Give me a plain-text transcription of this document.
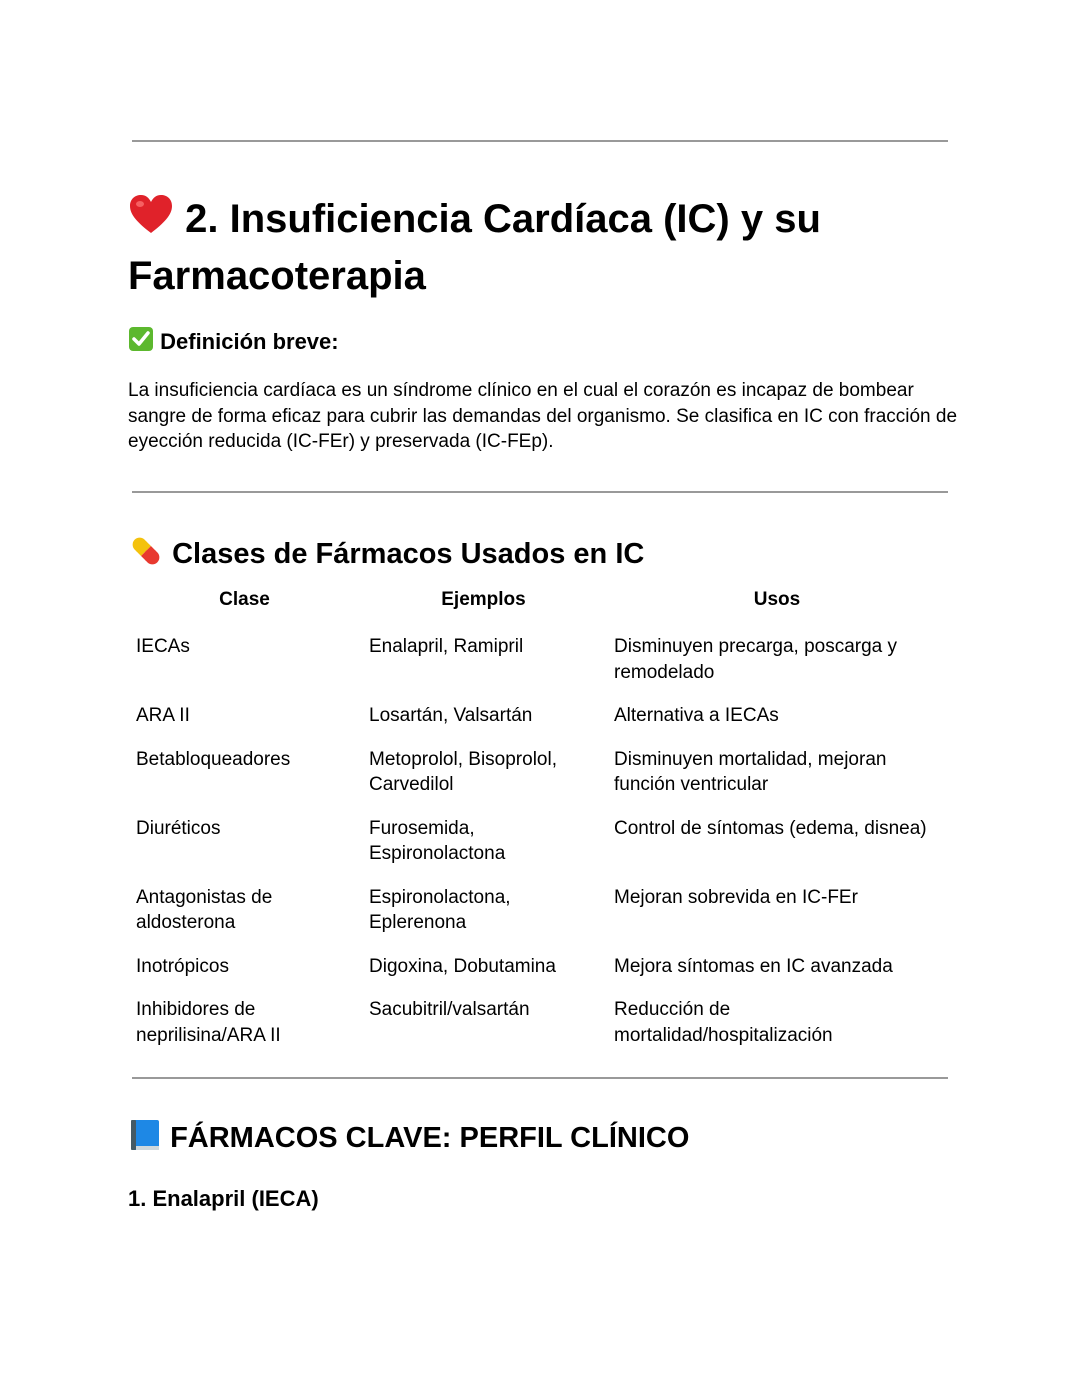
2. Insuficiencia Cardíaca (IC) y su Farmacoterapia
Definición breve:

La insuficiencia cardíaca es un síndrome clínico en el cual el corazón es incapaz de bombear sangre de forma eficaz para cubrir las demandas del organismo. Se clasifica en IC con fracción de eyección reducida (IC-FEr) y preservada (IC-FEp).

Clases de Fármacos Usados en IC
Clase	Ejemplos	Usos
IECAs	Enalapril, Ramipril	Disminuyen precarga, poscarga y remodelado
ARA II	Losartán, Valsartán	Alternativa a IECAs
Betabloqueadores	Metoprolol, Bisoprolol, Carvedilol	Disminuyen mortalidad, mejoran función ventricular
Diuréticos	Furosemida, Espironolactona	Control de síntomas (edema, disnea)
Antagonistas de aldosterona	Espironolactona, Eplerenona	Mejoran sobrevida en IC-FEr
Inotrópicos	Digoxina, Dobutamina	Mejora síntomas en IC avanzada
Inhibidores de neprilisina/ARA II	Sacubitril/valsartán	Reducción de mortalidad/hospitalización
FÁRMACOS CLAVE: PERFIL CLÍNICO
1. Enalapril (IECA)
